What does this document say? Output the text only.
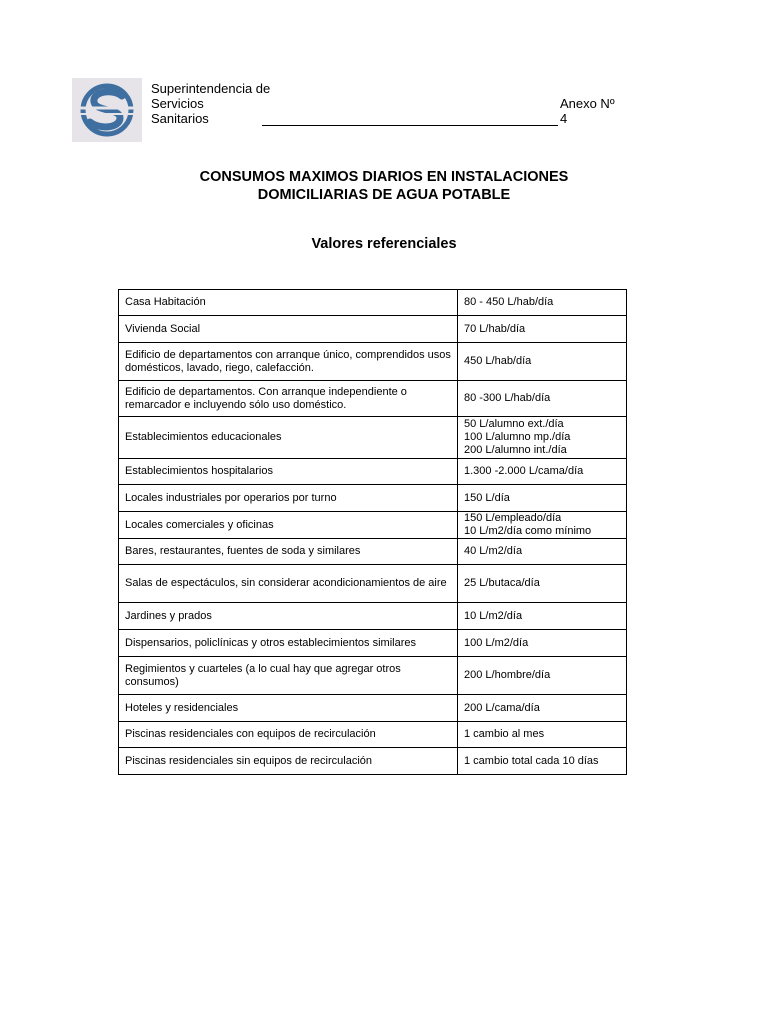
Superintendencia de
Servicios Sanitarios
Anexo Nº 4
CONSUMOS MAXIMOS DIARIOS EN INSTALACIONES
DOMICILIARIAS DE AGUA POTABLE
Valores referenciales
Casa Habitación	80 - 450 L/hab/día
Vivienda Social	70 L/hab/día
Edificio de departamentos con arranque único, comprendidos usos domésticos, lavado, riego, calefacción.	450 L/hab/día
Edificio de departamentos. Con arranque independiente o remarcador e incluyendo sólo uso doméstico.	80 -300 L/hab/día
Establecimientos educacionales	50 L/alumno ext./día
100 L/alumno mp./día
200 L/alumno int./día
Establecimientos hospitalarios	1.300 -2.000 L/cama/día
Locales industriales por operarios por turno	150 L/día
Locales comerciales y oficinas	150 L/empleado/día
10 L/m2/día como mínimo
Bares, restaurantes, fuentes de soda y similares	40 L/m2/día
Salas de espectáculos, sin considerar acondicionamientos de aire	25 L/butaca/día
Jardines y prados	10 L/m2/día
Dispensarios, policlínicas y otros establecimientos similares	100 L/m2/día
Regimientos y cuarteles (a lo cual hay que agregar otros consumos)	200 L/hombre/día
Hoteles y residenciales	200 L/cama/día
Piscinas residenciales con equipos de recirculación	1 cambio al mes
Piscinas residenciales sin equipos de recirculación	1 cambio total cada 10 días
